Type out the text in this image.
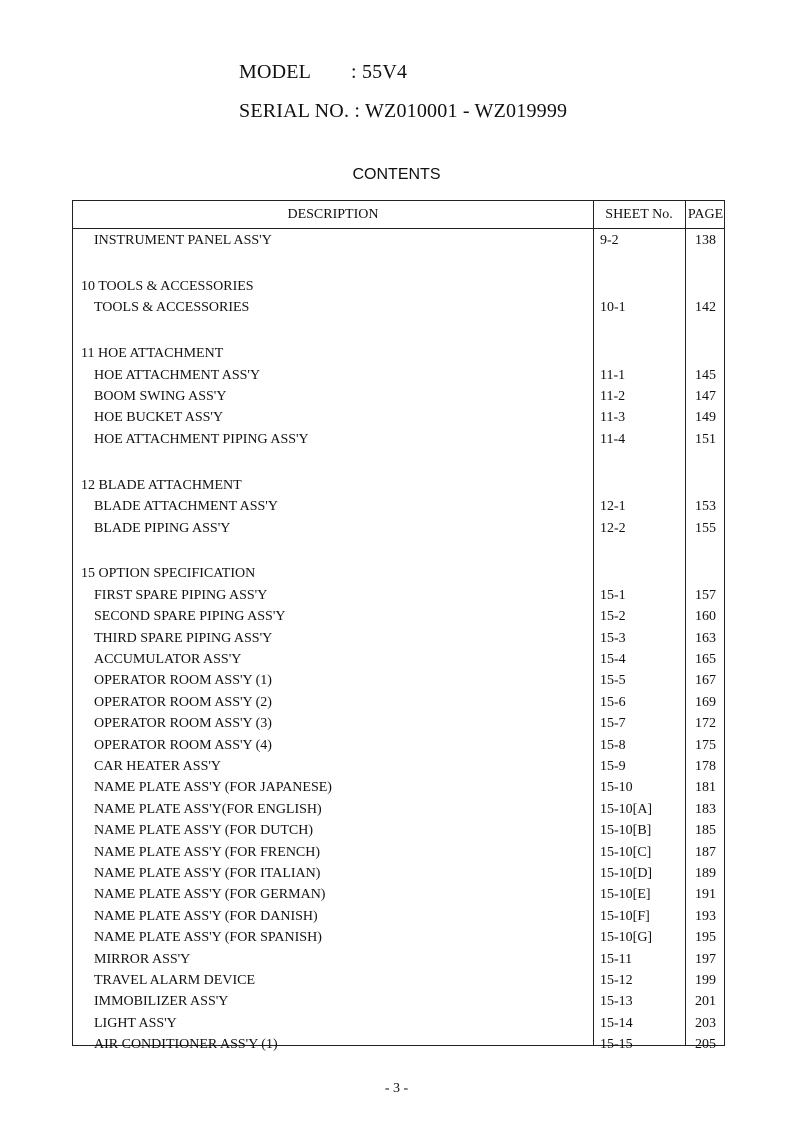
MODEL : 55V4
SERIAL NO. : WZ010001 - WZ019999
CONTENTS
DESCRIPTION	SHEET No.	PAGE
INSTRUMENT PANEL ASS'Y	9-2	138
10 TOOLS & ACCESSORIES
TOOLS & ACCESSORIES	10-1	142
11 HOE ATTACHMENT
HOE ATTACHMENT ASS'Y	11-1	145
BOOM SWING ASS'Y	11-2	147
HOE BUCKET ASS'Y	11-3	149
HOE ATTACHMENT PIPING ASS'Y	11-4	151
12 BLADE ATTACHMENT
BLADE ATTACHMENT ASS'Y	12-1	153
BLADE PIPING ASS'Y	12-2	155
15 OPTION SPECIFICATION
FIRST SPARE PIPING ASS'Y	15-1	157
SECOND SPARE PIPING ASS'Y	15-2	160
THIRD SPARE PIPING ASS'Y	15-3	163
ACCUMULATOR ASS'Y	15-4	165
OPERATOR ROOM ASS'Y (1)	15-5	167
OPERATOR ROOM ASS'Y (2)	15-6	169
OPERATOR ROOM ASS'Y (3)	15-7	172
OPERATOR ROOM ASS'Y (4)	15-8	175
CAR HEATER ASS'Y	15-9	178
NAME PLATE ASS'Y (FOR JAPANESE)	15-10	181
NAME PLATE ASS'Y(FOR ENGLISH)	15-10[A]	183
NAME PLATE ASS'Y (FOR DUTCH)	15-10[B]	185
NAME PLATE ASS'Y (FOR FRENCH)	15-10[C]	187
NAME PLATE ASS'Y (FOR ITALIAN)	15-10[D]	189
NAME PLATE ASS'Y (FOR GERMAN)	15-10[E]	191
NAME PLATE ASS'Y (FOR DANISH)	15-10[F]	193
NAME PLATE ASS'Y (FOR SPANISH)	15-10[G]	195
MIRROR ASS'Y	15-11	197
TRAVEL ALARM DEVICE	15-12	199
IMMOBILIZER ASS'Y	15-13	201
LIGHT ASS'Y	15-14	203
AIR CONDITIONER ASS'Y (1)	15-15	205
- 3 -
